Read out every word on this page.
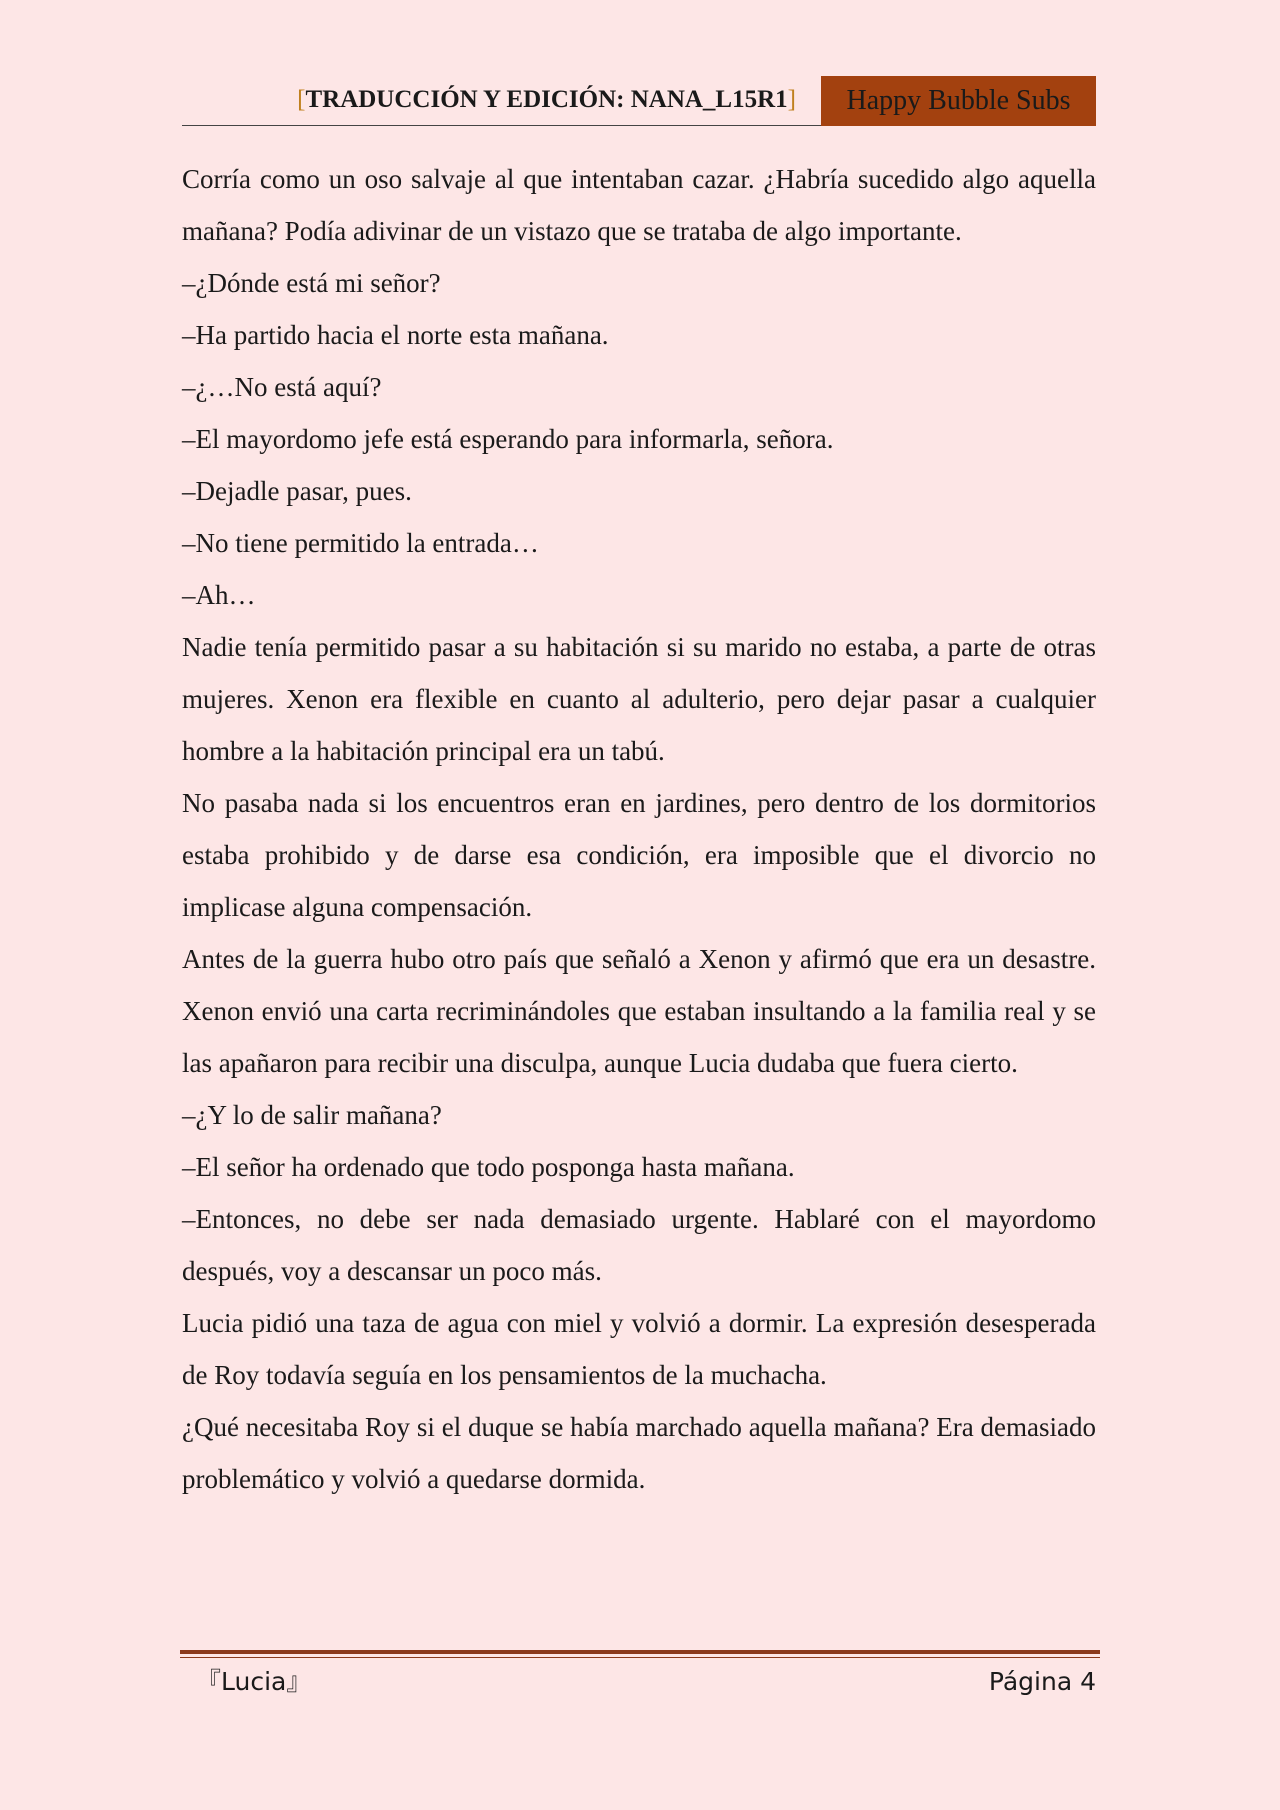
[TRADUCCIÓN Y EDICIÓN: NANA_L15R1]	Happy Bubble Subs

Corría como un oso salvaje al que intentaban cazar. ¿Habría sucedido algo aquella mañana? Podía adivinar de un vistazo que se trataba de algo importante.

–¿Dónde está mi señor?

–Ha partido hacia el norte esta mañana.

–¿…No está aquí?

–El mayordomo jefe está esperando para informarla, señora.

–Dejadle pasar, pues.

–No tiene permitido la entrada…

–Ah…

Nadie tenía permitido pasar a su habitación si su marido no estaba, a parte de otras mujeres. Xenon era flexible en cuanto al adulterio, pero dejar pasar a cualquier hombre a la habitación principal era un tabú.

No pasaba nada si los encuentros eran en jardines, pero dentro de los dormitorios estaba prohibido y de darse esa condición, era imposible que el divorcio no implicase alguna compensación.

Antes de la guerra hubo otro país que señaló a Xenon y afirmó que era un desastre. Xenon envió una carta recriminándoles que estaban insultando a la familia real y se las apañaron para recibir una disculpa, aunque Lucia dudaba que fuera cierto.

–¿Y lo de salir mañana?

–El señor ha ordenado que todo posponga hasta mañana.

–Entonces, no debe ser nada demasiado urgente. Hablaré con el mayordomo después, voy a descansar un poco más.

Lucia pidió una taza de agua con miel y volvió a dormir. La expresión desesperada de Roy todavía seguía en los pensamientos de la muchacha.

¿Qué necesitaba Roy si el duque se había marchado aquella mañana? Era demasiado problemático y volvió a quedarse dormida.

『Lucia』	Página 4
